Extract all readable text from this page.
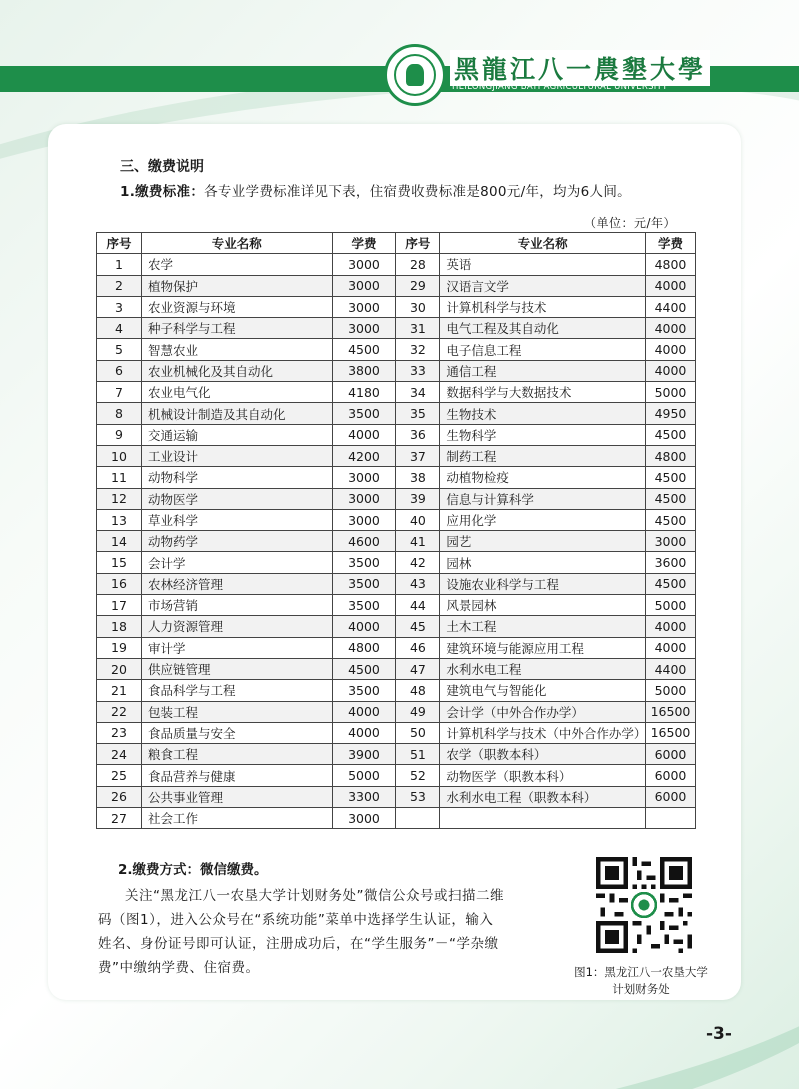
黑龍江八一農墾大學
HEILONGJIANG BAYI AGRICULTURAL UNIVERSITY
三、缴费说明
1.缴费标准：各专业学费标准详见下表，住宿费收费标准是800元/年，均为6人间。
（单位：元/年）
序号	专业名称	学费	序号	专业名称	学费
1	农学	3000	28	英语	4800
2	植物保护	3000	29	汉语言文学	4000
3	农业资源与环境	3000	30	计算机科学与技术	4400
4	种子科学与工程	3000	31	电气工程及其自动化	4000
5	智慧农业	4500	32	电子信息工程	4000
6	农业机械化及其自动化	3800	33	通信工程	4000
7	农业电气化	4180	34	数据科学与大数据技术	5000
8	机械设计制造及其自动化	3500	35	生物技术	4950
9	交通运输	4000	36	生物科学	4500
10	工业设计	4200	37	制药工程	4800
11	动物科学	3000	38	动植物检疫	4500
12	动物医学	3000	39	信息与计算科学	4500
13	草业科学	3000	40	应用化学	4500
14	动物药学	4600	41	园艺	3000
15	会计学	3500	42	园林	3600
16	农林经济管理	3500	43	设施农业科学与工程	4500
17	市场营销	3500	44	风景园林	5000
18	人力资源管理	4000	45	土木工程	4000
19	审计学	4800	46	建筑环境与能源应用工程	4000
20	供应链管理	4500	47	水利水电工程	4400
21	食品科学与工程	3500	48	建筑电气与智能化	5000
22	包装工程	4000	49	会计学（中外合作办学）	16500
23	食品质量与安全	4000	50	计算机科学与技术（中外合作办学）	16500
24	粮食工程	3900	51	农学（职教本科）	6000
25	食品营养与健康	5000	52	动物医学（职教本科）	6000
26	公共事业管理	3300	53	水利水电工程（职教本科）	6000
27	社会工作	3000			
2.缴费方式：微信缴费。
关注“黑龙江八一农垦大学计划财务处”微信公众号或扫描二维
码（图1），进入公众号在“系统功能”菜单中选择学生认证，输入
姓名、身份证号即可认证，注册成功后，在“学生服务”－“学杂缴
费”中缴纳学费、住宿费。	图1：黑龙江八一农垦大学
计划财务处
-3-
